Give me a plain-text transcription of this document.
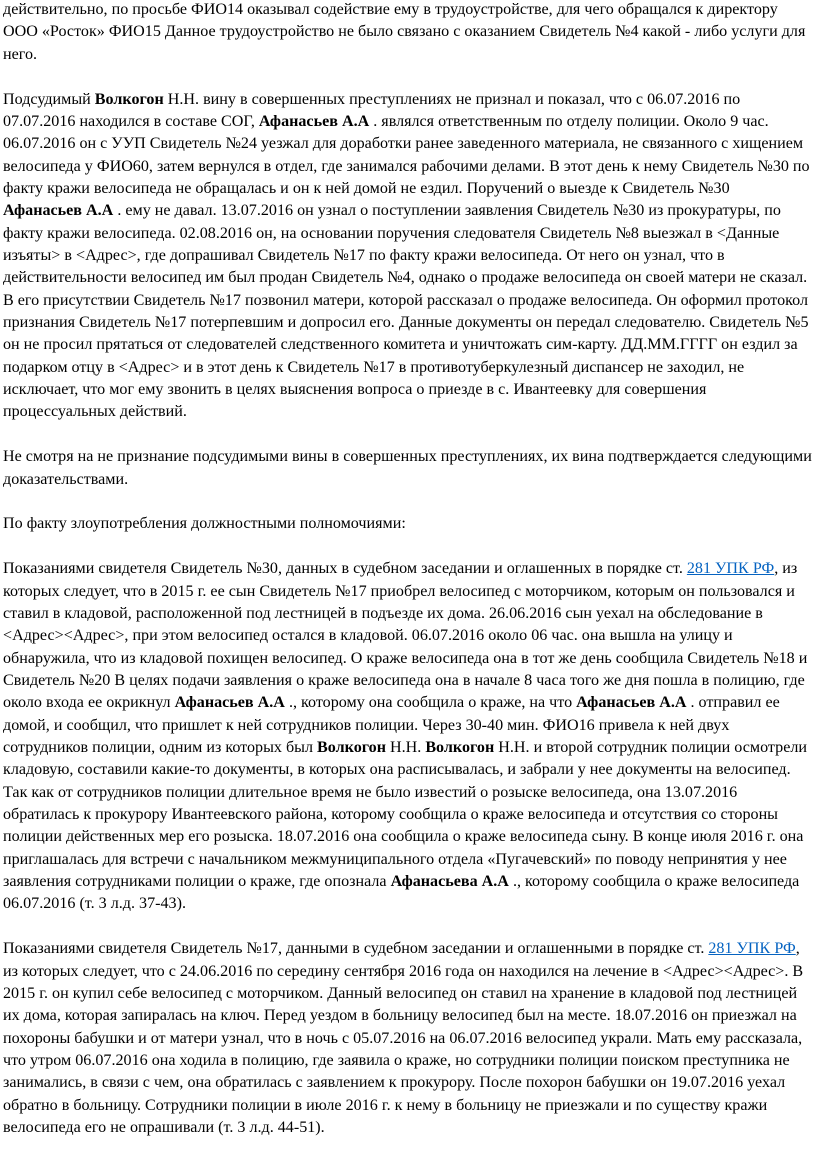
действительно, по просьбе ФИО14 оказывал содействие ему в трудоустройстве, для чего обращался к директору ООО «Росток» ФИО15 Данное трудоустройство не было связано с оказанием Свидетель №4 какой - либо услуги для него.

Подсудимый Волкогон Н.Н. вину в совершенных преступлениях не признал и показал, что с 06.07.2016 по 07.07.2016 находился в составе СОГ, Афанасьев А.А . являлся ответственным по отделу полиции. Около 9 час. 06.07.2016 он с УУП Свидетель №24 уезжал для доработки ранее заведенного материала, не связанного с хищением велосипеда у ФИО60, затем вернулся в отдел, где занимался рабочими делами. В этот день к нему Свидетель №30 по факту кражи велосипеда не обращалась и он к ней домой не ездил. Поручений о выезде к Свидетель №30 Афанасьев А.А . ему не давал. 13.07.2016 он узнал о поступлении заявления Свидетель №30 из прокуратуры, по факту кражи велосипеда. 02.08.2016 он, на основании поручения следователя Свидетель №8 выезжал в <Данные изъяты> в <Адрес>, где допрашивал Свидетель №17 по факту кражи велосипеда. От него он узнал, что в действительности велосипед им был продан Свидетель №4, однако о продаже велосипеда он своей матери не сказал. В его присутствии Свидетель №17 позвонил матери, которой рассказал о продаже велосипеда. Он оформил протокол признания Свидетель №17 потерпевшим и допросил его. Данные документы он передал следователю. Свидетель №5 он не просил прятаться от следователей следственного комитета и уничтожать сим-карту. ДД.ММ.ГГГГ он ездил за подарком отцу в <Адрес> и в этот день к Свидетель №17 в противотуберкулезный диспансер не заходил, не исключает, что мог ему звонить в целях выяснения вопроса о приезде в с. Ивантеевку для совершения процессуальных действий.

Не смотря на не признание подсудимыми вины в совершенных преступлениях, их вина подтверждается следующими доказательствами.

По факту злоупотребления должностными полномочиями:

Показаниями свидетеля Свидетель №30, данных в судебном заседании и оглашенных в порядке ст. 281 УПК РФ, из которых следует, что в 2015 г. ее сын Свидетель №17 приобрел велосипед с моторчиком, которым он пользовался и ставил в кладовой, расположенной под лестницей в подъезде их дома. 26.06.2016 сын уехал на обследование в <Адрес><Адрес>, при этом велосипед остался в кладовой. 06.07.2016 около 06 час. она вышла на улицу и обнаружила, что из кладовой похищен велосипед. О краже велосипеда она в тот же день сообщила Свидетель №18 и Свидетель №20 В целях подачи заявления о краже велосипеда она в начале 8 часа того же дня пошла в полицию, где около входа ее окрикнул Афанасьев А.А ., которому она сообщила о краже, на что Афанасьев А.А . отправил ее домой, и сообщил, что пришлет к ней сотрудников полиции. Через 30-40 мин. ФИО16 привела к ней двух сотрудников полиции, одним из которых был Волкогон Н.Н. Волкогон Н.Н. и второй сотрудник полиции осмотрели кладовую, составили какие-то документы, в которых она расписывалась, и забрали у нее документы на велосипед. Так как от сотрудников полиции длительное время не было известий о розыске велосипеда, она 13.07.2016 обратилась к прокурору Ивантеевского района, которому сообщила о краже велосипеда и отсутствия со стороны полиции действенных мер его розыска. 18.07.2016 она сообщила о краже велосипеда сыну. В конце июля 2016 г. она приглашалась для встречи с начальником межмуниципального отдела «Пугачевский» по поводу непринятия у нее заявления сотрудниками полиции о краже, где опознала Афанасьева А.А ., которому сообщила о краже велосипеда 06.07.2016 (т. 3 л.д. 37-43).

Показаниями свидетеля Свидетель №17, данными в судебном заседании и оглашенными в порядке ст. 281 УПК РФ, из которых следует, что с 24.06.2016 по середину сентября 2016 года он находился на лечение в <Адрес><Адрес>. В 2015 г. он купил себе велосипед с моторчиком. Данный велосипед он ставил на хранение в кладовой под лестницей их дома, которая запиралась на ключ. Перед уездом в больницу велосипед был на месте. 18.07.2016 он приезжал на похороны бабушки и от матери узнал, что в ночь с 05.07.2016 на 06.07.2016 велосипед украли. Мать ему рассказала, что утром 06.07.2016 она ходила в полицию, где заявила о краже, но сотрудники полиции поиском преступника не занимались, в связи с чем, она обратилась с заявлением к прокурору. После похорон бабушки он 19.07.2016 уехал обратно в больницу. Сотрудники полиции в июле 2016 г. к нему в больницу не приезжали и по существу кражи велосипеда его не опрашивали (т. 3 л.д. 44-51).
